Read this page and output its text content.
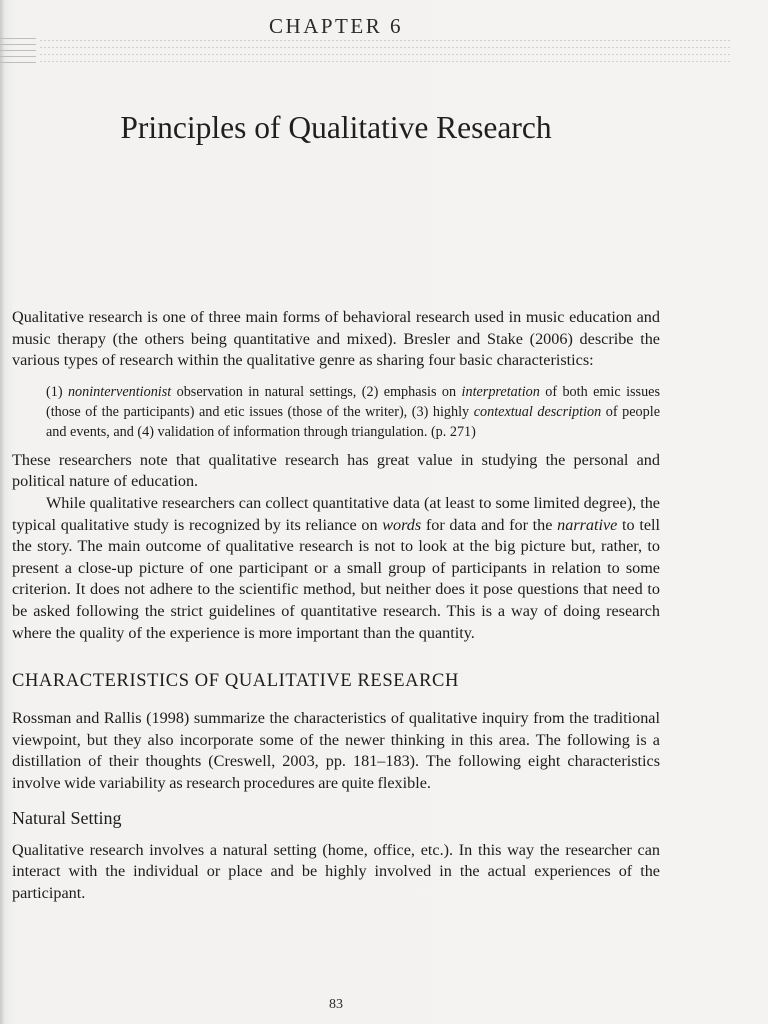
CHAPTER 6
Principles of Qualitative Research

Qualitative research is one of three main forms of behavioral research used in music education and music therapy (the others being quantitative and mixed). Bresler and Stake (2006) describe the various types of research within the qualitative genre as sharing four basic characteristics:

(1) noninterventionist observation in natural settings, (2) emphasis on interpretation of both emic issues (those of the participants) and etic issues (those of the writer), (3) highly contextual description of people and events, and (4) validation of information through triangulation. (p. 271)

These researchers note that qualitative research has great value in studying the personal and political nature of education.

While qualitative researchers can collect quantitative data (at least to some limited degree), the typical qualitative study is recognized by its reliance on words for data and for the narrative to tell the story. The main outcome of qualitative research is not to look at the big picture but, rather, to present a close-up picture of one participant or a small group of participants in relation to some criterion. It does not adhere to the scientific method, but neither does it pose questions that need to be asked following the strict guidelines of quantitative research. This is a way of doing research where the quality of the experience is more important than the quantity.

CHARACTERISTICS OF QUALITATIVE RESEARCH

Rossman and Rallis (1998) summarize the characteristics of qualitative inquiry from the traditional viewpoint, but they also incorporate some of the newer thinking in this area. The following is a distillation of their thoughts (Creswell, 2003, pp. 181–183). The following eight characteristics involve wide variability as research procedures are quite flexible.

Natural Setting

Qualitative research involves a natural setting (home, office, etc.). In this way the researcher can interact with the individual or place and be highly involved in the actual experiences of the participant.

83
